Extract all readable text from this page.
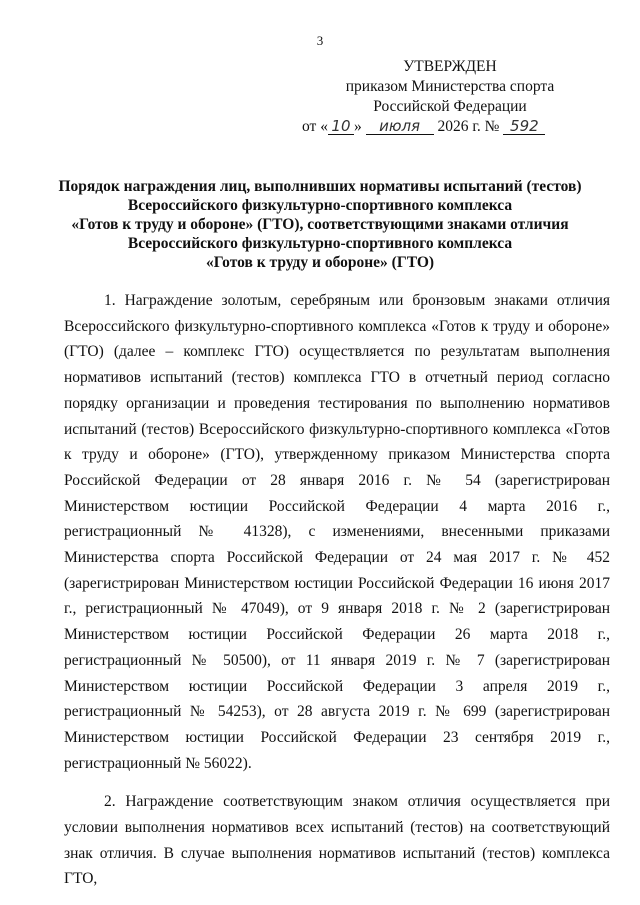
3
УТВЕРЖДЕН
приказом Министерства спорта
Российской Федерации
от « 10 » июля 2026 г. № 592
Порядок награждения лиц, выполнивших нормативы испытаний (тестов)
Всероссийского физкультурно-спортивного комплекса
«Готов к труду и обороне» (ГТО), соответствующими знаками отличия
Всероссийского физкультурно-спортивного комплекса
«Готов к труду и обороне» (ГТО)

1. Награждение золотым, серебряным или бронзовым знаками отличия Всероссийского физкультурно-спортивного комплекса «Готов к труду и обороне» (ГТО) (далее – комплекс ГТО) осуществляется по результатам выполнения нормативов испытаний (тестов) комплекса ГТО в отчетный период согласно порядку организации и проведения тестирования по выполнению нормативов испытаний (тестов) Всероссийского физкультурно-спортивного комплекса «Готов к труду и обороне» (ГТО), утвержденному приказом Министерства спорта Российской Федерации от 28 января 2016 г. № 54 (зарегистрирован Министерством юстиции Российской Федерации 4 марта 2016 г., регистрационный № 41328), с изменениями, внесенными приказами Министерства спорта Российской Федерации от 24 мая 2017 г. № 452 (зарегистрирован Министерством юстиции Российской Федерации 16 июня 2017 г., регистрационный № 47049), от 9 января 2018 г. № 2 (зарегистрирован Министерством юстиции Российской Федерации 26 марта 2018 г., регистрационный № 50500), от 11 января 2019 г. № 7 (зарегистрирован Министерством юстиции Российской Федерации 3 апреля 2019 г., регистрационный № 54253), от 28 августа 2019 г. № 699 (зарегистрирован Министерством юстиции Российской Федерации 23 сентября 2019 г., регистрационный № 56022).

2. Награждение соответствующим знаком отличия осуществляется при условии выполнения нормативов всех испытаний (тестов) на соответствующий знак отличия. В случае выполнения нормативов испытаний (тестов) комплекса ГТО,
